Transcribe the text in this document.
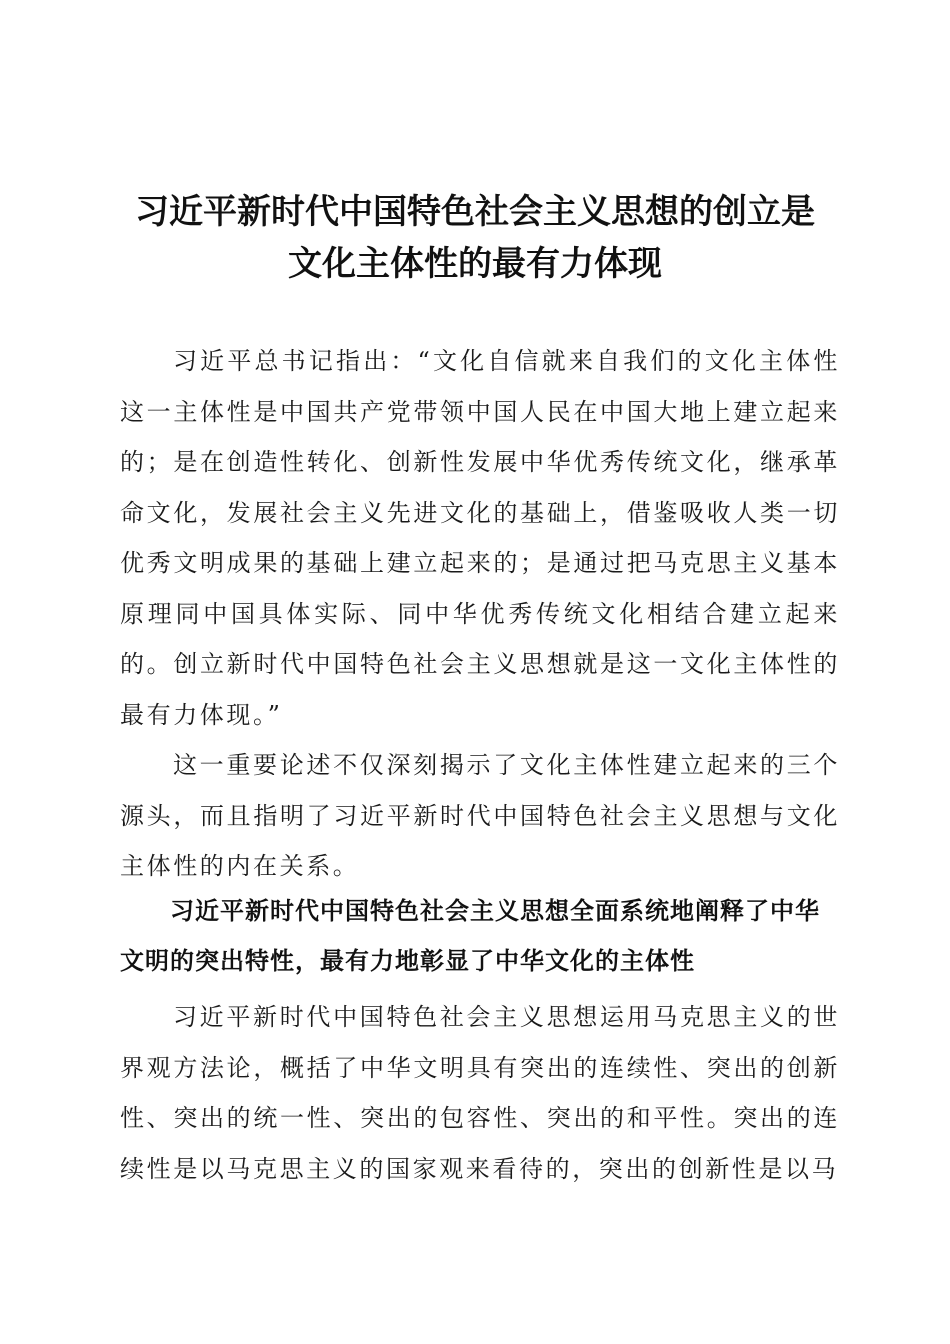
习近平新时代中国特色社会主义思想的创立是
文化主体性的最有力体现

习近平总书记指出：“文化自信就来自我们的文化主体性这一主体性是中国共产党带领中国人民在中国大地上建立起来的；是在创造性转化、创新性发展中华优秀传统文化，继承革命文化，发展社会主义先进文化的基础上，借鉴吸收人类一切优秀文明成果的基础上建立起来的；是通过把马克思主义基本原理同中国具体实际、同中华优秀传统文化相结合建立起来的。创立新时代中国特色社会主义思想就是这一文化主体性的最有力体现。”

这一重要论述不仅深刻揭示了文化主体性建立起来的三个源头，而且指明了习近平新时代中国特色社会主义思想与文化主体性的内在关系。

习近平新时代中国特色社会主义思想全面系统地阐释了中华文明的突出特性，最有力地彰显了中华文化的主体性

习近平新时代中国特色社会主义思想运用马克思主义的世界观方法论，概括了中华文明具有突出的连续性、突出的创新性、突出的统一性、突出的包容性、突出的和平性。突出的连续性是以马克思主义的国家观来看待的，突出的创新性是以马
